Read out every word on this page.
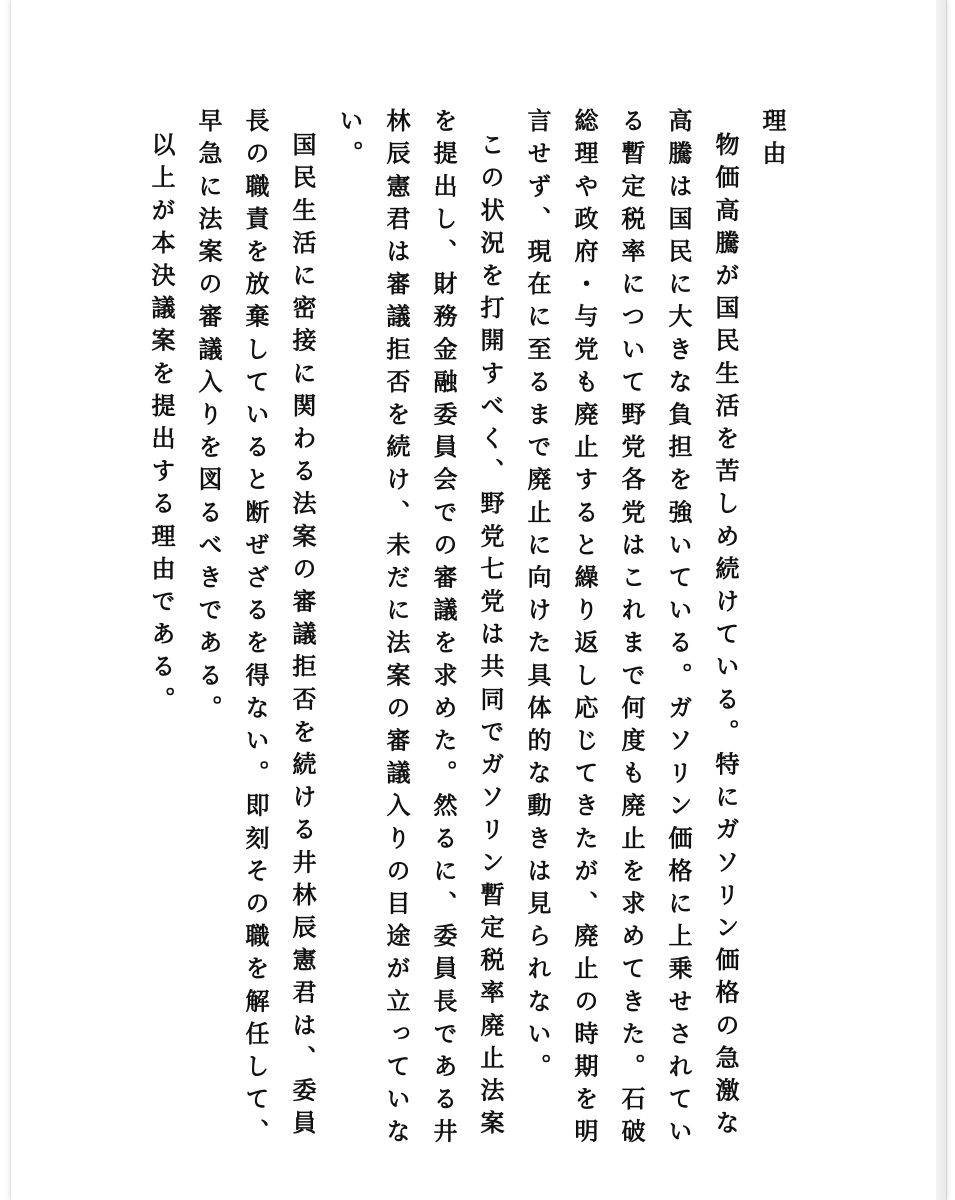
理由

物価高騰が国民生活を苦しめ続けている。特にガソリン価格の急激な高騰は国民に大きな負担を強いている。ガソリン価格に上乗せされている暫定税率について野党各党はこれまで何度も廃止を求めてきた。石破総理や政府・与党も廃止すると繰り返し応じてきたが、廃止の時期を明言せず、現在に至るまで廃止に向けた具体的な動きは見られない。

この状況を打開すべく、野党七党は共同でガソリン暫定税率廃止法案を提出し、財務金融委員会での審議を求めた。然るに、委員長である井林辰憲君は審議拒否を続け、未だに法案の審議入りの目途が立っていない。

国民生活に密接に関わる法案の審議拒否を続ける井林辰憲君は、委員長の職責を放棄していると断ぜざるを得ない。即刻その職を解任して、早急に法案の審議入りを図るべきである。

以上が本決議案を提出する理由である。
